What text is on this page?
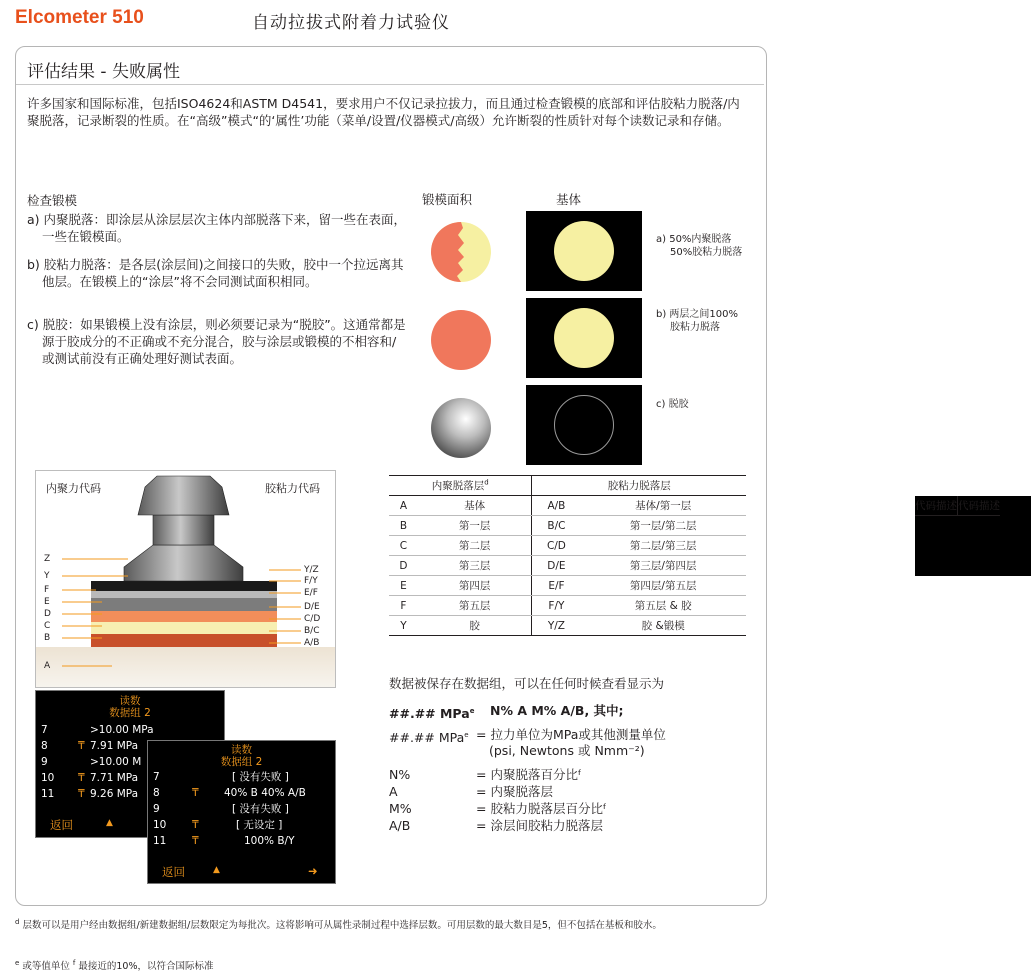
Elcometer 510	自动拉拔式附着力试验仪
评估结果 - 失败属性
许多国家和国际标准，包括ISO4624和ASTM D4541，要求用户不仅记录拉拔力，而且通过检查锻模的底部和评估胶粘力脱落/内聚脱落，记录断裂的性质。在“高级”模式“的‘属性’功能（菜单/设置/仪器模式/高级）允许断裂的性质针对每个读数记录和存储。
检查锻模
a) 内聚脱落：即涂层从涂层层次主体内部脱落下来，留一些在表面，一些在锻模面。
b) 胶粘力脱落：是各层(涂层间)之间接口的失败，胶中一个拉远离其他层。在锻模上的“涂层”将不会同测试面积相同。
c) 脱胶：如果锻模上没有涂层，则必须要记录为“脱胶”。这通常都是源于胶成分的不正确或不充分混合，胶与涂层或锻模的不相容和/或测试前没有正确处理好测试表面。
锻模面积	基体
a) 50%内聚脱落
50%胶粘力脱落
b) 两层之间100%
胶粘力脱落
c) 脱胶
内聚力代码	胶粘力代码
Z
Y
F
E
D
C
B
A
Y/Z
F/Y
E/F
D/E
C/D
B/C
A/B
读数
数据组 2
7	>10.00 MPa
8	₸ 7.91 MPa
9	>10.00 M
10 ₸ 7.71 MPa
11 ₸ 9.26 MPa
返回	▲
读数
数据组 2
7	[ 没有失败 ]
8	₸ 40% B 40% A/B
9	[ 没有失败 ]
10 ₸	[ 无设定 ]
11 ₸	100% B/Y
返回	▲	➜
内聚脱落层$^d$	胶粘力脱落层

代码	描述	代码	描述
A	基体	A/B	基体/第一层
B	第一层	B/C	第一层/第二层
C	第二层	C/D	第二层/第三层
D	第三层	D/E	第三层/第四层
E	第四层	E/F	第四层/第五层
F	第五层	F/Y	第五层 & 胶
Y	胶	Y/Z	胶 &锻模
数据被保存在数据组，可以在任何时候查看显示为
##.## MPa$^e$ N% A M% A/B, 其中;
##.## MPa$^e$ = 拉力单位为MPa或其他测量单位
(psi, Newtons 或 Nmm⁻²)
N%	= 内聚脱落百分比ᶠ
A	= 内聚脱落层
M%	= 胶粘力脱落层百分比ᶠ
A/B	= 涂层间胶粘力脱落层
$^d$ 层数可以是用户经由数据组/新建数据组/层数限定为每批次。这将影响可从属性录制过程中选择层数。可用层数的最大数目是5，但不包括在基板和胶水。
$^e$ 或等值单位 $^f$ 最接近的10%，以符合国际标准
